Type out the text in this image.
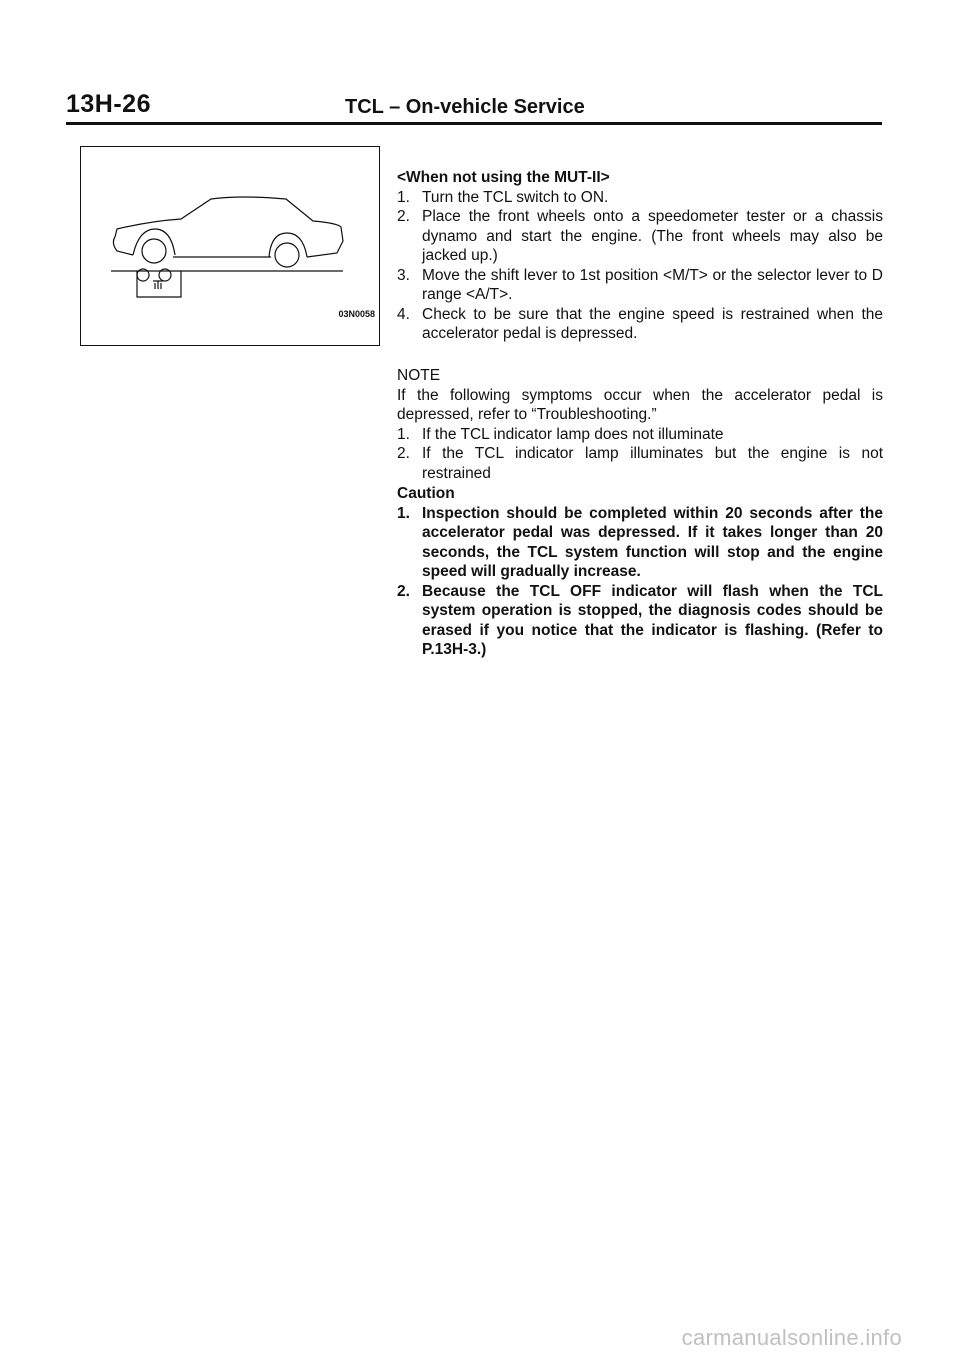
13H-26	TCL – On-vehicle Service
03N0058
<When not using the MUT-II>
1. Turn the TCL switch to ON.
2. Place the front wheels onto a speedometer tester or a chassis dynamo and start the engine. (The front wheels may also be jacked up.)
3. Move the shift lever to 1st position <M/T> or the selector lever to D range <A/T>.
4. Check to be sure that the engine speed is restrained when the accelerator pedal is depressed.
NOTE
If the following symptoms occur when the accelerator pedal is depressed, refer to “Troubleshooting.”
1. If the TCL indicator lamp does not illuminate
2. If the TCL indicator lamp illuminates but the engine is not restrained
Caution
1. Inspection should be completed within 20 seconds after the accelerator pedal was depressed. If it takes longer than 20 seconds, the TCL system function will stop and the engine speed will gradually increase.
2. Because the TCL OFF indicator will flash when the TCL system operation is stopped, the diagnosis codes should be erased if you notice that the indicator is flashing. (Refer to P.13H-3.)
carmanualsonline.info
